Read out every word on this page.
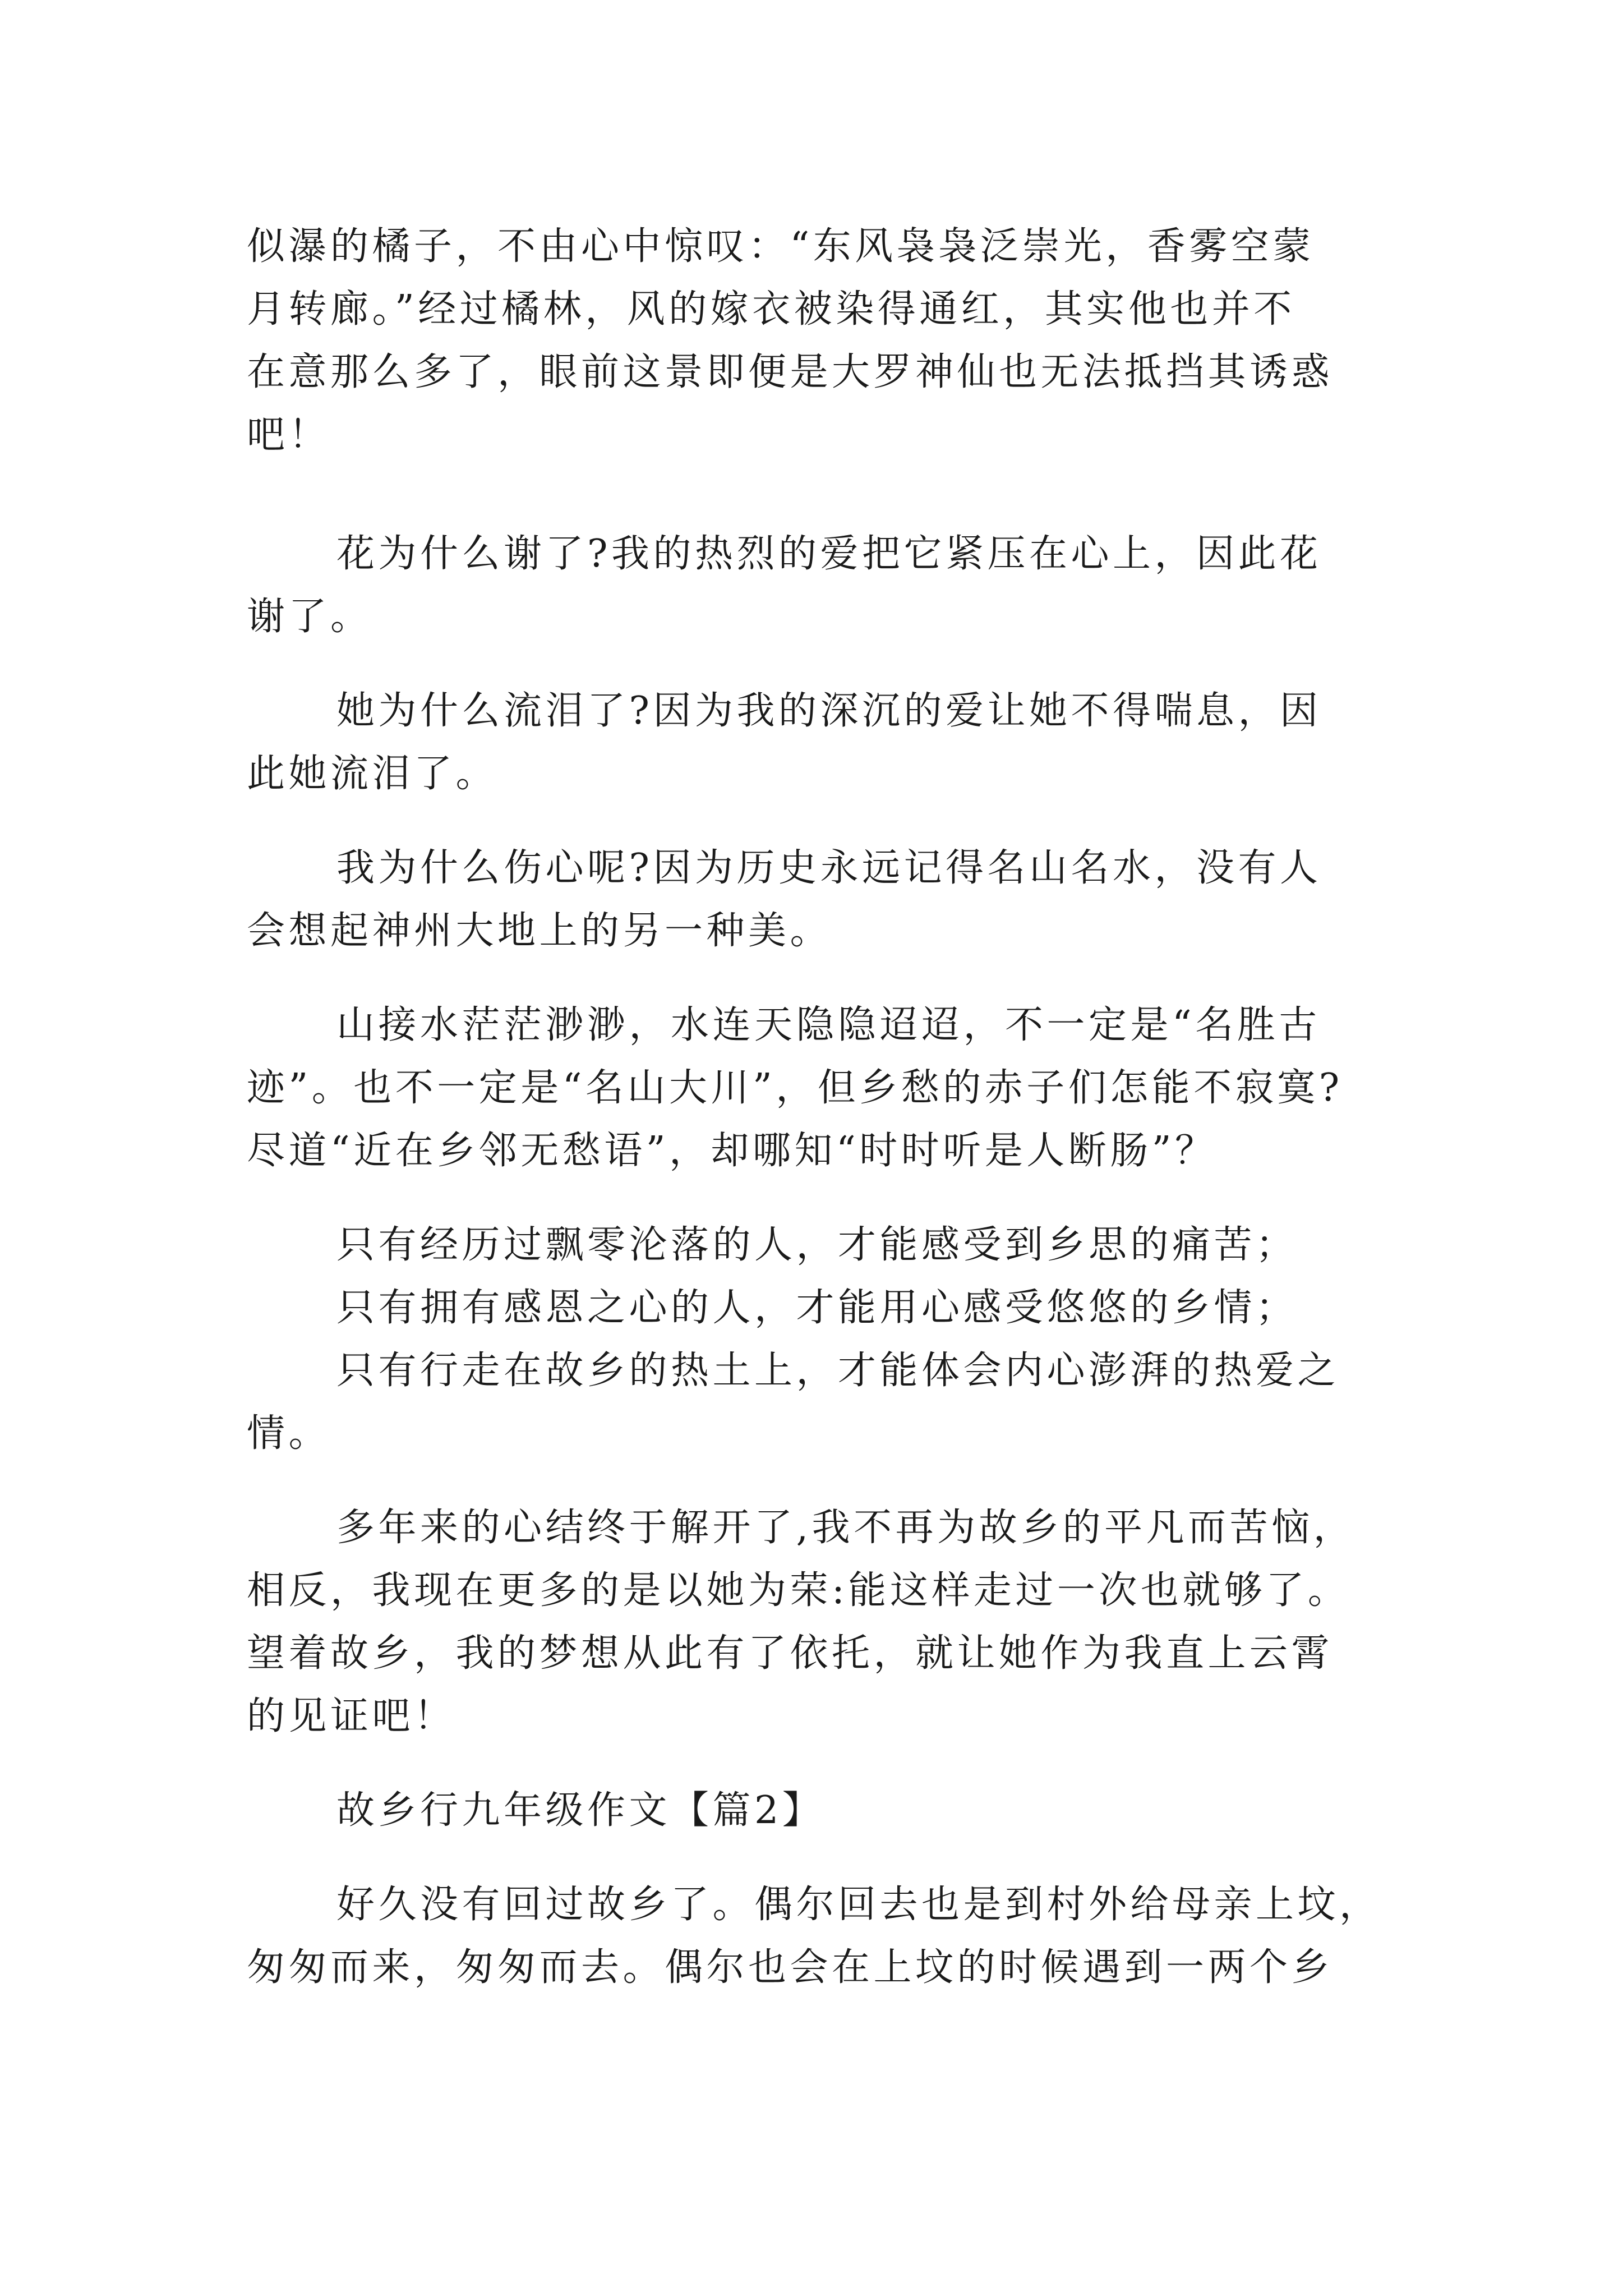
似瀑的橘子，不由心中惊叹：“东风袅袅泛崇光，香雾空蒙
月转廊。”经过橘林，风的嫁衣被染得通红，其实他也并不
在意那么多了，眼前这景即便是大罗神仙也无法抵挡其诱惑
吧！
花为什么谢了?我的热烈的爱把它紧压在心上，因此花
谢了。
她为什么流泪了?因为我的深沉的爱让她不得喘息，因
此她流泪了。
我为什么伤心呢?因为历史永远记得名山名水，没有人
会想起神州大地上的另一种美。
山接水茫茫渺渺，水连天隐隐迢迢，不一定是“名胜古
迹”。也不一定是“名山大川”，但乡愁的赤子们怎能不寂寞?
尽道“近在乡邻无愁语”，却哪知“时时听是人断肠”？
只有经历过飘零沦落的人，才能感受到乡思的痛苦；
只有拥有感恩之心的人，才能用心感受悠悠的乡情；
只有行走在故乡的热土上，才能体会内心澎湃的热爱之
情。
多年来的心结终于解开了,我不再为故乡的平凡而苦恼，
相反，我现在更多的是以她为荣:能这样走过一次也就够了。
望着故乡，我的梦想从此有了依托，就让她作为我直上云霄
的见证吧！
故乡行九年级作文【篇2】
好久没有回过故乡了。偶尔回去也是到村外给母亲上坟，
匆匆而来，匆匆而去。偶尔也会在上坟的时候遇到一两个乡
